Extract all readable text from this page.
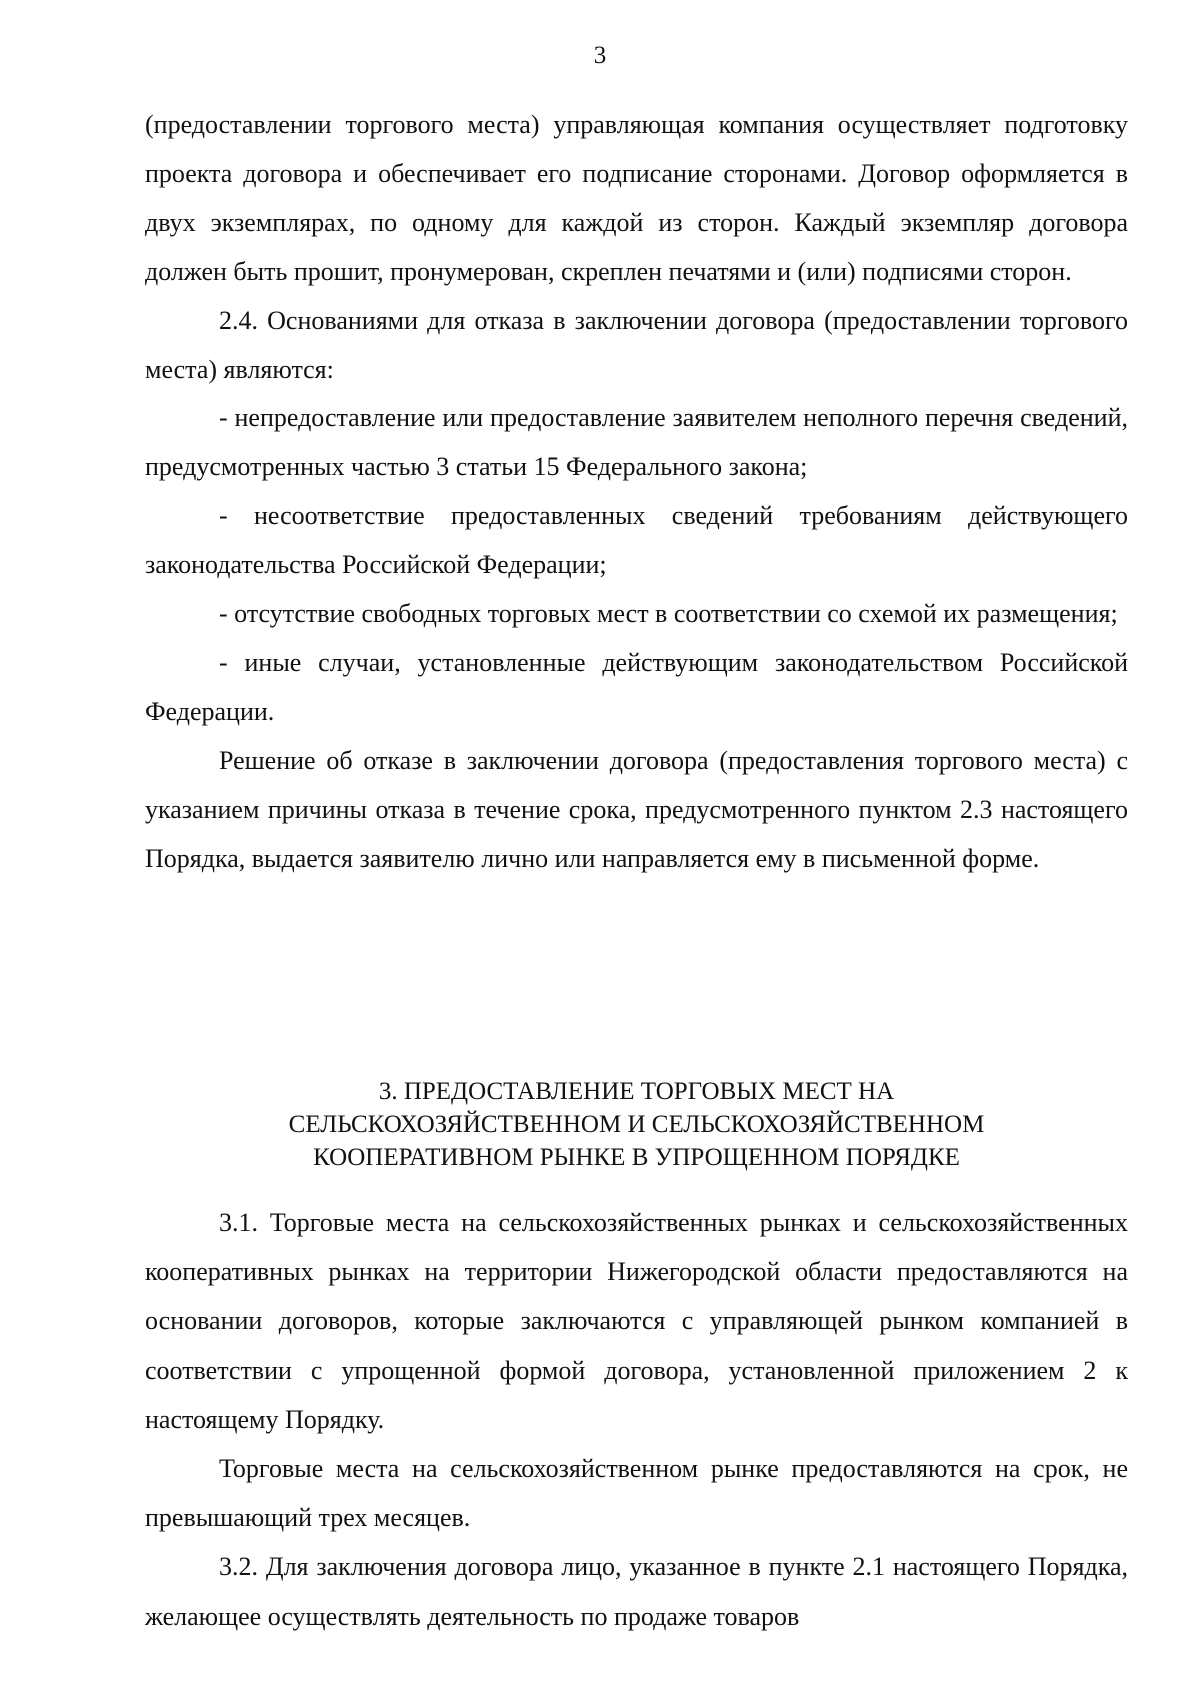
3

(предоставлении торгового места) управляющая компания осуществляет подготовку проекта договора и обеспечивает его подписание сторонами. Договор оформляется в двух экземплярах, по одному для каждой из сторон. Каждый экземпляр договора должен быть прошит, пронумерован, скреплен печатями и (или) подписями сторон.

2.4. Основаниями для отказа в заключении договора (предоставлении торгового места) являются:

- непредоставление или предоставление заявителем неполного перечня сведений, предусмотренных частью 3 статьи 15 Федерального закона;

- несоответствие предоставленных сведений требованиям действующего законодательства Российской Федерации;

- отсутствие свободных торговых мест в соответствии со схемой их размещения;

- иные случаи, установленные действующим законодательством Российской Федерации.

Решение об отказе в заключении договора (предоставления торгового места) с указанием причины отказа в течение срока, предусмотренного пунктом 2.3 настоящего Порядка, выдается заявителю лично или направляется ему в письменной форме.

3. ПРЕДОСТАВЛЕНИЕ ТОРГОВЫХ МЕСТ НА
СЕЛЬСКОХОЗЯЙСТВЕННОМ И СЕЛЬСКОХОЗЯЙСТВЕННОМ
КООПЕРАТИВНОМ РЫНКЕ В УПРОЩЕННОМ ПОРЯДКЕ

3.1. Торговые места на сельскохозяйственных рынках и сельскохозяйственных кооперативных рынках на территории Нижегородской области предоставляются на основании договоров, которые заключаются с управляющей рынком компанией в соответствии с упрощенной формой договора, установленной приложением 2 к настоящему Порядку.

Торговые места на сельскохозяйственном рынке предоставляются на срок, не превышающий трех месяцев.

3.2. Для заключения договора лицо, указанное в пункте 2.1 настоящего Порядка, желающее осуществлять деятельность по продаже товаров
